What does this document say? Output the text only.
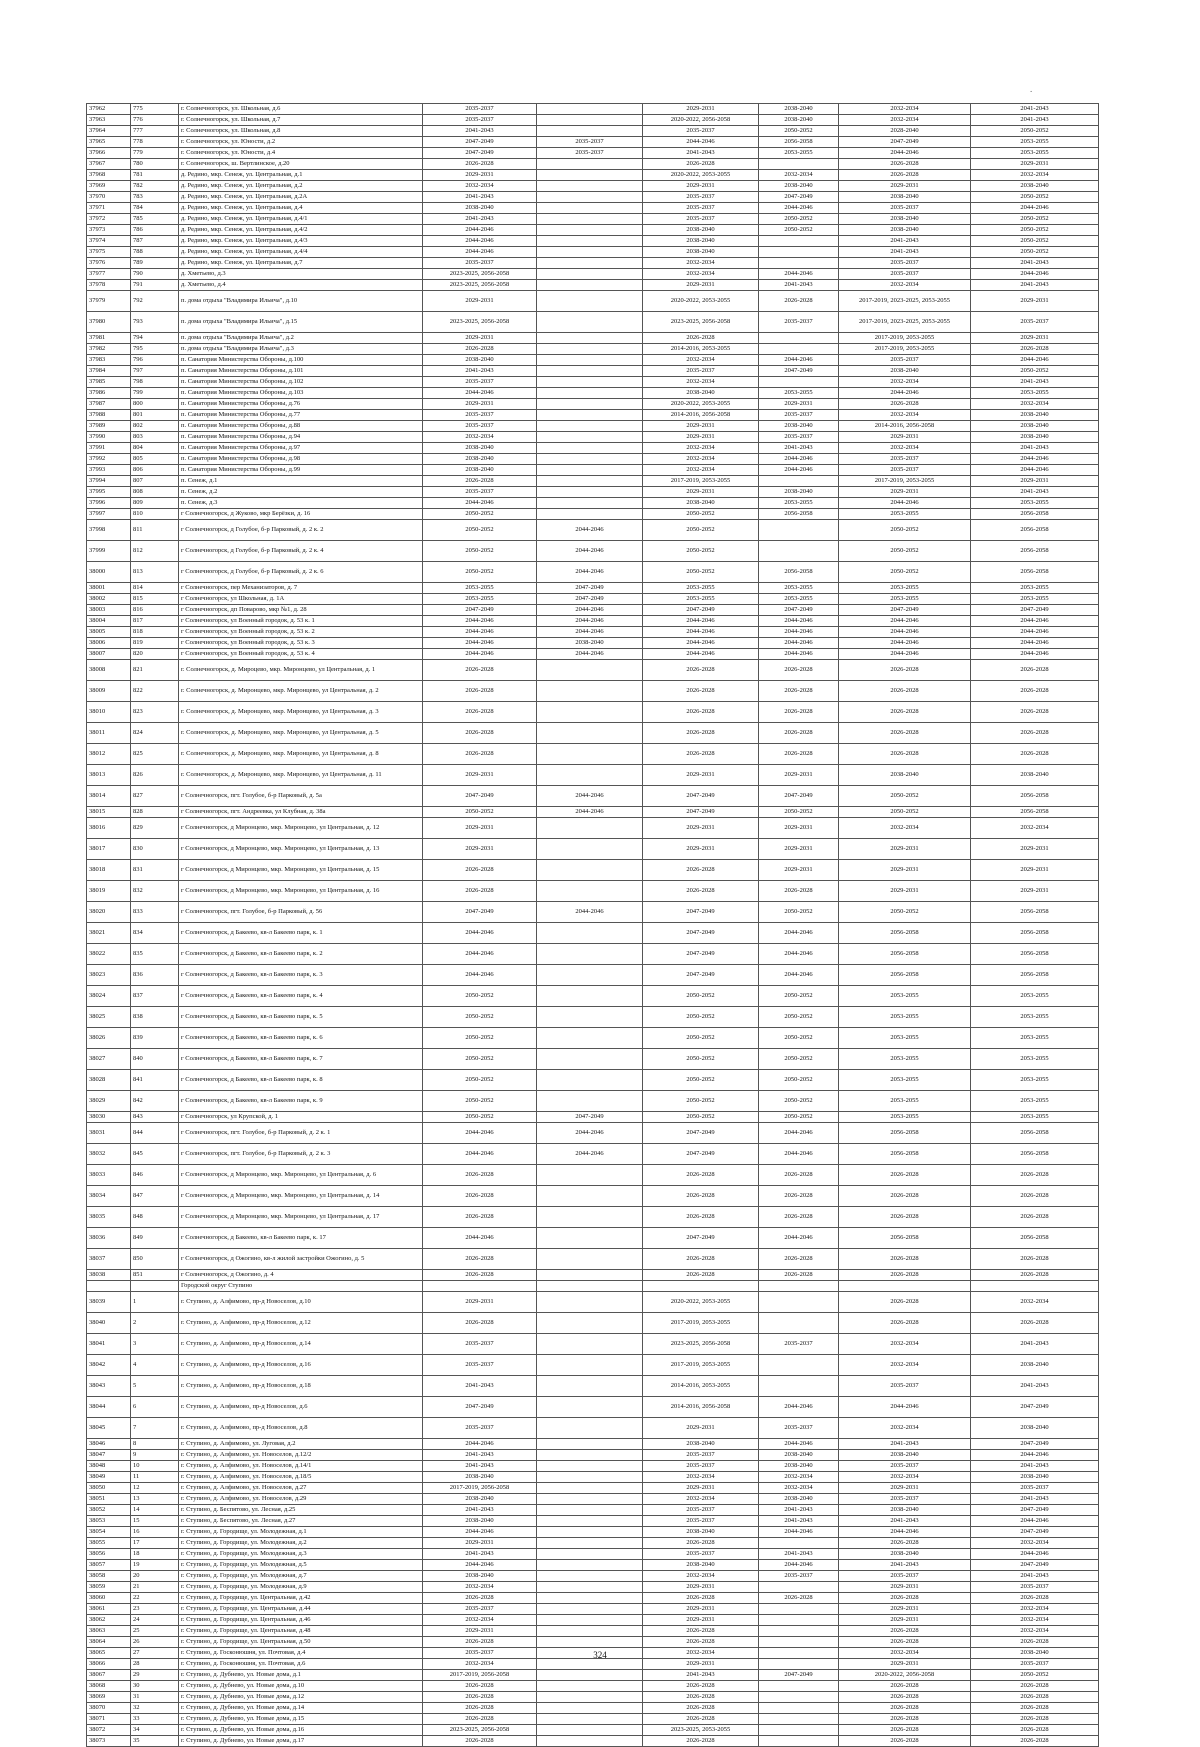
.
37962	775	г. Солнечногорск, ул. Школьная, д.6	2035-2037		2029-2031	2038-2040	2032-2034	2041-2043
37963	776	г. Солнечногорск, ул. Школьная, д.7	2035-2037		2020-2022, 2056-2058	2038-2040	2032-2034	2041-2043
37964	777	г. Солнечногорск, ул. Школьная, д.8	2041-2043		2035-2037	2050-2052	2028-2040	2050-2052
37965	778	г. Солнечногорск, ул. Юности, д.2	2047-2049	2035-2037	2044-2046	2056-2058	2047-2049	2053-2055
37966	779	г. Солнечногорск, ул. Юности, д.4	2047-2049	2035-2037	2041-2043	2053-2055	2044-2046	2053-2055
37967	780	г. Солнечногорск, ш. Вертлинское, д.20	2026-2028		2026-2028		2026-2028	2029-2031
37968	781	д. Редино, мкр. Сенеж, ул. Центральная, д.1	2029-2031		2020-2022, 2053-2055	2032-2034	2026-2028	2032-2034
37969	782	д. Редино, мкр. Сенеж, ул. Центральная, д.2	2032-2034		2029-2031	2038-2040	2029-2031	2038-2040
37970	783	д. Редино, мкр. Сенеж, ул. Центральная, д.2А	2041-2043		2035-2037	2047-2049	2038-2040	2050-2052
37971	784	д. Редино, мкр. Сенеж, ул. Центральная, д.4	2038-2040		2035-2037	2044-2046	2035-2037	2044-2046
37972	785	д. Редино, мкр. Сенеж, ул. Центральная, д.4/1	2041-2043		2035-2037	2050-2052	2038-2040	2050-2052
37973	786	д. Редино, мкр. Сенеж, ул. Центральная, д.4/2	2044-2046		2038-2040	2050-2052	2038-2040	2050-2052
37974	787	д. Редино, мкр. Сенеж, ул. Центральная, д.4/3	2044-2046		2038-2040		2041-2043	2050-2052
37975	788	д. Редино, мкр. Сенеж, ул. Центральная, д.4/4	2044-2046		2038-2040		2041-2043	2050-2052
37976	789	д. Редино, мкр. Сенеж, ул. Центральная, д.7	2035-2037		2032-2034		2035-2037	2041-2043
37977	790	д. Хметьево, д.3	2023-2025, 2056-2058		2032-2034	2044-2046	2035-2037	2044-2046
37978	791	д. Хметьево, д.4	2023-2025, 2056-2058		2029-2031	2041-2043	2032-2034	2041-2043
37979	792	п. дома отдыха "Владимира Ильича", д.10	2029-2031		2020-2022, 2053-2055	2026-2028	2017-2019, 2023-2025, 2053-2055	2029-2031
37980	793	п. дома отдыха "Владимира Ильича", д.15	2023-2025, 2056-2058		2023-2025, 2056-2058	2035-2037	2017-2019, 2023-2025, 2053-2055	2035-2037
37981	794	п. дома отдыха "Владимира Ильича", д.2	2029-2031		2026-2028		2017-2019, 2053-2055	2029-2031
37982	795	п. дома отдыха "Владимира Ильича", д.3	2026-2028		2014-2016, 2053-2055		2017-2019, 2053-2055	2026-2028
37983	796	п. Санатория Министерства Обороны, д.100	2038-2040		2032-2034	2044-2046	2035-2037	2044-2046
37984	797	п. Санатория Министерства Обороны, д.101	2041-2043		2035-2037	2047-2049	2038-2040	2050-2052
37985	798	п. Санатория Министерства Обороны, д.102	2035-2037		2032-2034		2032-2034	2041-2043
37986	799	п. Санатория Министерства Обороны, д.103	2044-2046		2038-2040	2053-2055	2044-2046	2053-2055
37987	800	п. Санатория Министерства Обороны, д.76	2029-2031		2020-2022, 2053-2055	2029-2031	2026-2028	2032-2034
37988	801	п. Санатория Министерства Обороны, д.77	2035-2037		2014-2016, 2056-2058	2035-2037	2032-2034	2038-2040
37989	802	п. Санатория Министерства Обороны, д.88	2035-2037		2029-2031	2038-2040	2014-2016, 2056-2058	2038-2040
37990	803	п. Санатория Министерства Обороны, д.94	2032-2034		2029-2031	2035-2037	2029-2031	2038-2040
37991	804	п. Санатория Министерства Обороны, д.97	2038-2040		2032-2034	2041-2043	2032-2034	2041-2043
37992	805	п. Санатория Министерства Обороны, д.98	2038-2040		2032-2034	2044-2046	2035-2037	2044-2046
37993	806	п. Санатория Министерства Обороны, д.99	2038-2040		2032-2034	2044-2046	2035-2037	2044-2046
37994	807	п. Сенеж, д.1	2026-2028		2017-2019, 2053-2055		2017-2019, 2053-2055	2029-2031
37995	808	п. Сенеж, д.2	2035-2037		2029-2031	2038-2040	2029-2031	2041-2043
37996	809	п. Сенеж, д.3	2044-2046		2038-2040	2053-2055	2044-2046	2053-2055
37997	810	г Солнечногорск, д Жуково, мкр Берёзки, д. 16	2050-2052		2050-2052	2056-2058	2053-2055	2056-2058
37998	811	г Солнечногорск, д Голубое, б-р Парковый, д. 2 к. 2	2050-2052	2044-2046	2050-2052		2050-2052	2056-2058
37999	812	г Солнечногорск, д Голубое, б-р Парковый, д. 2 к. 4	2050-2052	2044-2046	2050-2052		2050-2052	2056-2058
38000	813	г Солнечногорск, д Голубое, б-р Парковый, д. 2 к. 6	2050-2052	2044-2046	2050-2052	2056-2058	2050-2052	2056-2058
38001	814	г Солнечногорск, пер Механизаторов, д. 7	2053-2055	2047-2049	2053-2055	2053-2055	2053-2055	2053-2055
38002	815	г Солнечногорск, ул Школьная, д. 1А	2053-2055	2047-2049	2053-2055	2053-2055	2053-2055	2053-2055
38003	816	г Солнечногорск, дп Поварово, мкр №1, д. 28	2047-2049	2044-2046	2047-2049	2047-2049	2047-2049	2047-2049
38004	817	г Солнечногорск, ул Военный городок, д. 53 к. 1	2044-2046	2044-2046	2044-2046	2044-2046	2044-2046	2044-2046
38005	818	г Солнечногорск, ул Военный городок, д. 53 к. 2	2044-2046	2044-2046	2044-2046	2044-2046	2044-2046	2044-2046
38006	819	г Солнечногорск, ул Военный городок, д. 53 к. 3	2044-2046	2038-2040	2044-2046	2044-2046	2044-2046	2044-2046
38007	820	г Солнечногорск, ул Военный городок, д. 53 к. 4	2044-2046	2044-2046	2044-2046	2044-2046	2044-2046	2044-2046
38008	821	г. Солнечногорск, д. Мироцево, мкр. Миронцево, ул Центральная, д. 1	2026-2028		2026-2028	2026-2028	2026-2028	2026-2028
38009	822	г. Солнечногорск, д. Миронцево, мкр. Миронцево, ул Центральная, д. 2	2026-2028		2026-2028	2026-2028	2026-2028	2026-2028
38010	823	г. Солнечногорск, д. Миронцево, мкр. Миронцево, ул Центральная, д. 3	2026-2028		2026-2028	2026-2028	2026-2028	2026-2028
38011	824	г. Солнечногорск, д. Миронцево, мкр. Миронцево, ул Центральная, д. 5	2026-2028		2026-2028	2026-2028	2026-2028	2026-2028
38012	825	г. Солнечногорск, д. Миронцево, мкр. Миронцево, ул Центральная, д. 8	2026-2028		2026-2028	2026-2028	2026-2028	2026-2028
38013	826	г. Солнечногорск, д. Миронцево, мкр. Миронцево, ул Центральная, д. 11	2029-2031		2029-2031	2029-2031	2038-2040	2038-2040
38014	827	г Солнечногорск, пгт. Голубое, б-р Парковый, д. 5а	2047-2049	2044-2046	2047-2049	2047-2049	2050-2052	2056-2058
38015	828	г Солнечногорск, пгт. Андреевка, ул Клубная, д. 38а	2050-2052	2044-2046	2047-2049	2050-2052	2050-2052	2056-2058
38016	829	г Солнечногорск, д Миронцево, мкр. Миронцево, ул Центральная, д. 12	2029-2031		2029-2031	2029-2031	2032-2034	2032-2034
38017	830	г Солнечногорск, д Миронцево, мкр. Миронцево, ул Центральная, д. 13	2029-2031		2029-2031	2029-2031	2029-2031	2029-2031
38018	831	г Солнечногорск, д Миронцево, мкр. Миронцево, ул Центральная, д. 15	2026-2028		2026-2028	2029-2031	2029-2031	2029-2031
38019	832	г Солнечногорск, д Миронцево, мкр. Миронцево, ул Центральная, д. 16	2026-2028		2026-2028	2026-2028	2029-2031	2029-2031
38020	833	г Солнечногорск, пгт. Голубое, б-р Парковый, д. 56	2047-2049	2044-2046	2047-2049	2050-2052	2050-2052	2056-2058
38021	834	г Солнечногорск, д Бакеево, кв-л Бакеево парк, к. 1	2044-2046		2047-2049	2044-2046	2056-2058	2056-2058
38022	835	г Солнечногорск, д Бакеево, кв-л Бакеево парк, к. 2	2044-2046		2047-2049	2044-2046	2056-2058	2056-2058
38023	836	г Солнечногорск, д Бакеево, кв-л Бакеево парк, к. 3	2044-2046		2047-2049	2044-2046	2056-2058	2056-2058
38024	837	г Солнечногорск, д Бакеево, кв-л Бакеево парк, к. 4	2050-2052		2050-2052	2050-2052	2053-2055	2053-2055
38025	838	г Солнечногорск, д Бакеево, кв-л Бакеево парк, к. 5	2050-2052		2050-2052	2050-2052	2053-2055	2053-2055
38026	839	г Солнечногорск, д Бакеево, кв-л Бакеево парк, к. 6	2050-2052		2050-2052	2050-2052	2053-2055	2053-2055
38027	840	г Солнечногорск, д Бакеево, кв-л Бакеево парк, к. 7	2050-2052		2050-2052	2050-2052	2053-2055	2053-2055
38028	841	г Солнечногорск, д Бакеево, кв-л Бакеево парк, к. 8	2050-2052		2050-2052	2050-2052	2053-2055	2053-2055
38029	842	г Солнечногорск, д Бакеево, кв-л Бакеево парк, к. 9	2050-2052		2050-2052	2050-2052	2053-2055	2053-2055
38030	843	г Солнечногорск, ул Крупской, д. 1	2050-2052	2047-2049	2050-2052	2050-2052	2053-2055	2053-2055
38031	844	г Солнечногорск, пгт. Голубое, б-р Парковый, д. 2 к. 1	2044-2046	2044-2046	2047-2049	2044-2046	2056-2058	2056-2058
38032	845	г Солнечногорск, пгт. Голубое, б-р Парковый, д. 2 к. 3	2044-2046	2044-2046	2047-2049	2044-2046	2056-2058	2056-2058
38033	846	г Солнечногорск, д Миронцево, мкр. Миронцево, ул Центральная, д. 6	2026-2028		2026-2028	2026-2028	2026-2028	2026-2028
38034	847	г Солнечногорск, д Миронцево, мкр. Миронцево, ул Центральная, д. 14	2026-2028		2026-2028	2026-2028	2026-2028	2026-2028
38035	848	г Солнечногорск, д Миронцево, мкр. Миронцево, ул Центральная, д. 17	2026-2028		2026-2028	2026-2028	2026-2028	2026-2028
38036	849	г Солнечногорск, д Бакеево, кв-л Бакеево парк, к. 17	2044-2046		2047-2049	2044-2046	2056-2058	2056-2058
38037	850	г Солнечногорск, д Ожогино, кв-л жилой застройки Ожогино, д. 5	2026-2028		2026-2028	2026-2028	2026-2028	2026-2028
38038	851	г Солнечногорск, д Ожогино, д. 4	2026-2028		2026-2028	2026-2028	2026-2028	2026-2028
		Городской округ Ступино						
38039	1	г. Ступино, д. Алфимово, пр-д Новоселов, д.10	2029-2031		2020-2022, 2053-2055		2026-2028	2032-2034
38040	2	г. Ступино, д. Алфимово, пр-д Новоселов, д.12	2026-2028		2017-2019, 2053-2055		2026-2028	2026-2028
38041	3	г. Ступино, д. Алфимово, пр-д Новоселов, д.14	2035-2037		2023-2025, 2056-2058	2035-2037	2032-2034	2041-2043
38042	4	г. Ступино, д. Алфимово, пр-д Новоселов, д.16	2035-2037		2017-2019, 2053-2055		2032-2034	2038-2040
38043	5	г. Ступино, д. Алфимово, пр-д Новоселов, д.18	2041-2043		2014-2016, 2053-2055		2035-2037	2041-2043
38044	6	г. Ступино, д. Алфимово, пр-д Новоселов, д.6	2047-2049		2014-2016, 2056-2058	2044-2046	2044-2046	2047-2049
38045	7	г. Ступино, д. Алфимово, пр-д Новоселов, д.8	2035-2037		2029-2031	2035-2037	2032-2034	2038-2040
38046	8	г. Ступино, д. Алфимово, ул. Луговая, д.2	2044-2046		2038-2040	2044-2046	2041-2043	2047-2049
38047	9	г. Ступино, д. Алфимово, ул. Новоселов, д.12/2	2041-2043		2035-2037	2038-2040	2038-2040	2044-2046
38048	10	г. Ступино, д. Алфимово, ул. Новоселов, д.14/1	2041-2043		2035-2037	2038-2040	2035-2037	2041-2043
38049	11	г. Ступино, д. Алфимово, ул. Новоселов, д.18/5	2038-2040		2032-2034	2032-2034	2032-2034	2038-2040
38050	12	г. Ступино, д. Алфимово, ул. Новоселов, д.27	2017-2019, 2056-2058		2029-2031	2032-2034	2029-2031	2035-2037
38051	13	г. Ступино, д. Алфимово, ул. Новоселов, д.29	2038-2040		2032-2034	2038-2040	2035-2037	2041-2043
38052	14	г. Ступино, д. Беспятово, ул. Лесная, д.25	2041-2043		2035-2037	2041-2043	2038-2040	2047-2049
38053	15	г. Ступино, д. Беспятово, ул. Лесная, д.27	2038-2040		2035-2037	2041-2043	2041-2043	2044-2046
38054	16	г. Ступино, д. Городище, ул. Молодежная, д.1	2044-2046		2038-2040	2044-2046	2044-2046	2047-2049
38055	17	г. Ступино, д. Городище, ул. Молодежная, д.2	2029-2031		2026-2028		2026-2028	2032-2034
38056	18	г. Ступино, д. Городище, ул. Молодежная, д.3	2041-2043		2035-2037	2041-2043	2038-2040	2044-2046
38057	19	г. Ступино, д. Городище, ул. Молодежная, д.5	2044-2046		2038-2040	2044-2046	2041-2043	2047-2049
38058	20	г. Ступино, д. Городище, ул. Молодежная, д.7	2038-2040		2032-2034	2035-2037	2035-2037	2041-2043
38059	21	г. Ступино, д. Городище, ул. Молодежная, д.9	2032-2034		2029-2031		2029-2031	2035-2037
38060	22	г. Ступино, д. Городище, ул. Центральная, д.42	2026-2028		2026-2028	2026-2028	2026-2028	2026-2028
38061	23	г. Ступино, д. Городище, ул. Центральная, д.44	2035-2037		2029-2031		2029-2031	2032-2034
38062	24	г. Ступино, д. Городище, ул. Центральная, д.46	2032-2034		2029-2031		2029-2031	2032-2034
38063	25	г. Ступино, д. Городище, ул. Центральная, д.48	2029-2031		2026-2028		2026-2028	2032-2034
38064	26	г. Ступино, д. Городище, ул. Центральная, д.50	2026-2028		2026-2028		2026-2028	2026-2028
38065	27	г. Ступино, д. Госконюшня, ул. Почтовая, д.4	2035-2037		2032-2034		2032-2034	2038-2040
38066	28	г. Ступино, д. Госконюшня, ул. Почтовая, д.6	2032-2034		2029-2031		2029-2031	2035-2037
38067	29	г. Ступино, д. Дубнево, ул. Новые дома, д.1	2017-2019, 2056-2058		2041-2043	2047-2049	2020-2022, 2056-2058	2050-2052
38068	30	г. Ступино, д. Дубнево, ул. Новые дома, д.10	2026-2028		2026-2028		2026-2028	2026-2028
38069	31	г. Ступино, д. Дубнево, ул. Новые дома, д.12	2026-2028		2026-2028		2026-2028	2026-2028
38070	32	г. Ступино, д. Дубнево, ул. Новые дома, д.14	2026-2028		2026-2028		2026-2028	2026-2028
38071	33	г. Ступино, д. Дубнево, ул. Новые дома, д.15	2026-2028		2026-2028		2026-2028	2026-2028
38072	34	г. Ступино, д. Дубнево, ул. Новые дома, д.16	2023-2025, 2056-2058		2023-2025, 2053-2055		2026-2028	2026-2028
38073	35	г. Ступино, д. Дубнево, ул. Новые дома, д.17	2026-2028		2026-2028		2026-2028	2026-2028
324
